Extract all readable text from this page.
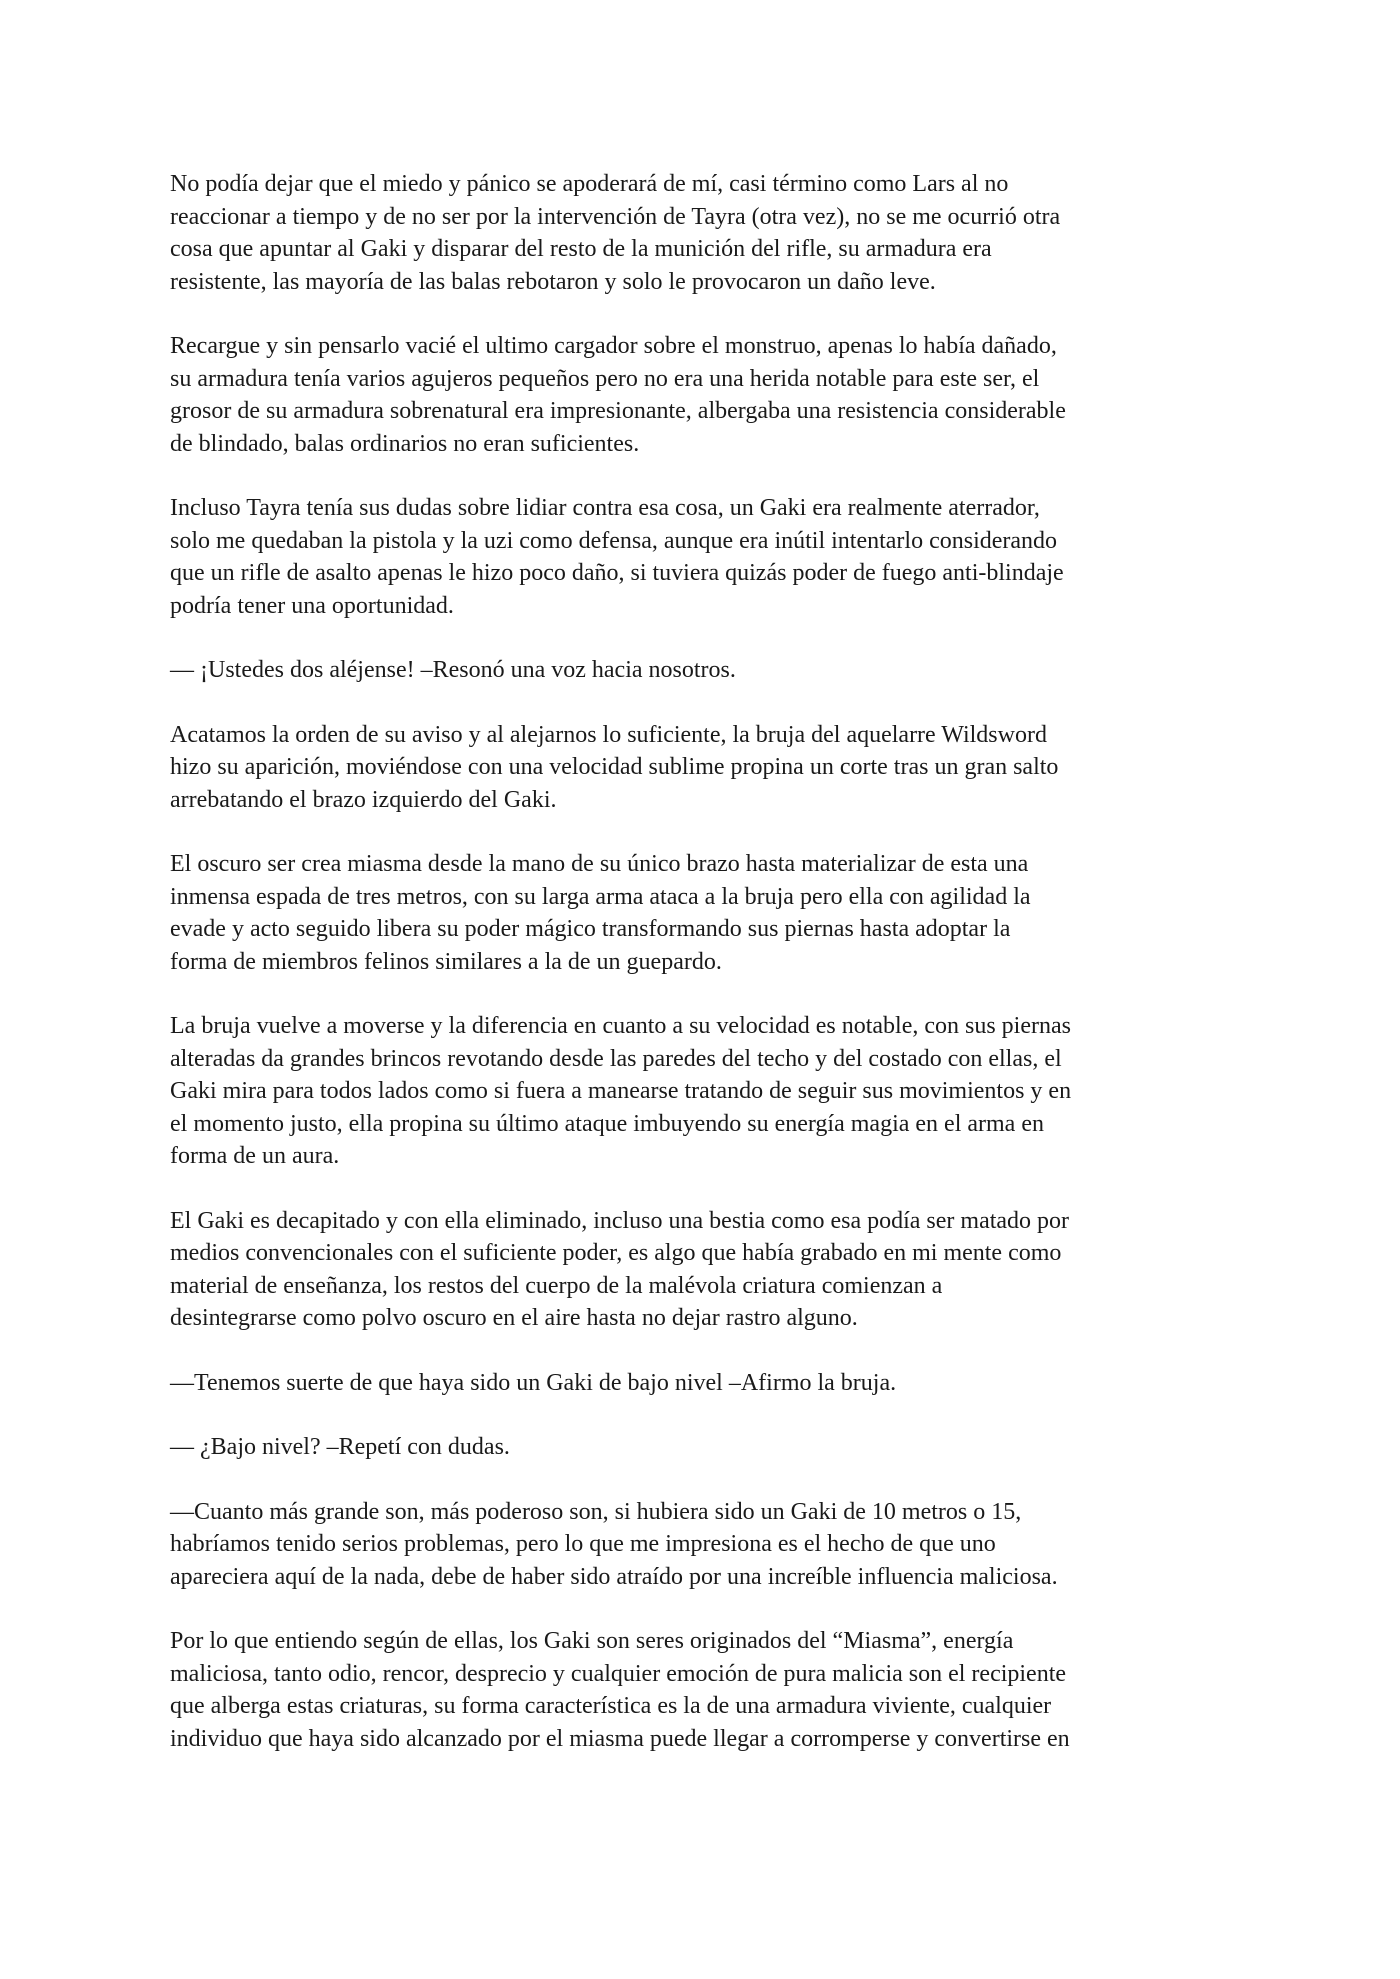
No podía dejar que el miedo y pánico se apoderará de mí, casi término como Lars al no
reaccionar a tiempo y de no ser por la intervención de Tayra (otra vez), no se me ocurrió otra
cosa que apuntar al Gaki y disparar del resto de la munición del rifle, su armadura era
resistente, las mayoría de las balas rebotaron y solo le provocaron un daño leve.

Recargue y sin pensarlo vacié el ultimo cargador sobre el monstruo, apenas lo había dañado,
su armadura tenía varios agujeros pequeños pero no era una herida notable para este ser, el
grosor de su armadura sobrenatural era impresionante, albergaba una resistencia considerable
de blindado, balas ordinarios no eran suficientes.

Incluso Tayra tenía sus dudas sobre lidiar contra esa cosa, un Gaki era realmente aterrador,
solo me quedaban la pistola y la uzi como defensa, aunque era inútil intentarlo considerando
que un rifle de asalto apenas le hizo poco daño, si tuviera quizás poder de fuego anti-blindaje
podría tener una oportunidad.

— ¡Ustedes dos aléjense! –Resonó una voz hacia nosotros.

Acatamos la orden de su aviso y al alejarnos lo suficiente, la bruja del aquelarre Wildsword
hizo su aparición, moviéndose con una velocidad sublime propina un corte tras un gran salto
arrebatando el brazo izquierdo del Gaki.

El oscuro ser crea miasma desde la mano de su único brazo hasta materializar de esta una
inmensa espada de tres metros, con su larga arma ataca a la bruja pero ella con agilidad la
evade y acto seguido libera su poder mágico transformando sus piernas hasta adoptar la
forma de miembros felinos similares a la de un guepardo.

La bruja vuelve a moverse y la diferencia en cuanto a su velocidad es notable, con sus piernas
alteradas da grandes brincos revotando desde las paredes del techo y del costado con ellas, el
Gaki mira para todos lados como si fuera a manearse tratando de seguir sus movimientos y en
el momento justo, ella propina su último ataque imbuyendo su energía magia en el arma en
forma de un aura.

El Gaki es decapitado y con ella eliminado, incluso una bestia como esa podía ser matado por
medios convencionales con el suficiente poder, es algo que había grabado en mi mente como
material de enseñanza, los restos del cuerpo de la malévola criatura comienzan a
desintegrarse como polvo oscuro en el aire hasta no dejar rastro alguno.

—Tenemos suerte de que haya sido un Gaki de bajo nivel –Afirmo la bruja.

— ¿Bajo nivel? –Repetí con dudas.

—Cuanto más grande son, más poderoso son, si hubiera sido un Gaki de 10 metros o 15,
habríamos tenido serios problemas, pero lo que me impresiona es el hecho de que uno
apareciera aquí de la nada, debe de haber sido atraído por una increíble influencia maliciosa.

Por lo que entiendo según de ellas, los Gaki son seres originados del “Miasma”, energía
maliciosa, tanto odio, rencor, desprecio y cualquier emoción de pura malicia son el recipiente
que alberga estas criaturas, su forma característica es la de una armadura viviente, cualquier
individuo que haya sido alcanzado por el miasma puede llegar a corromperse y convertirse en
